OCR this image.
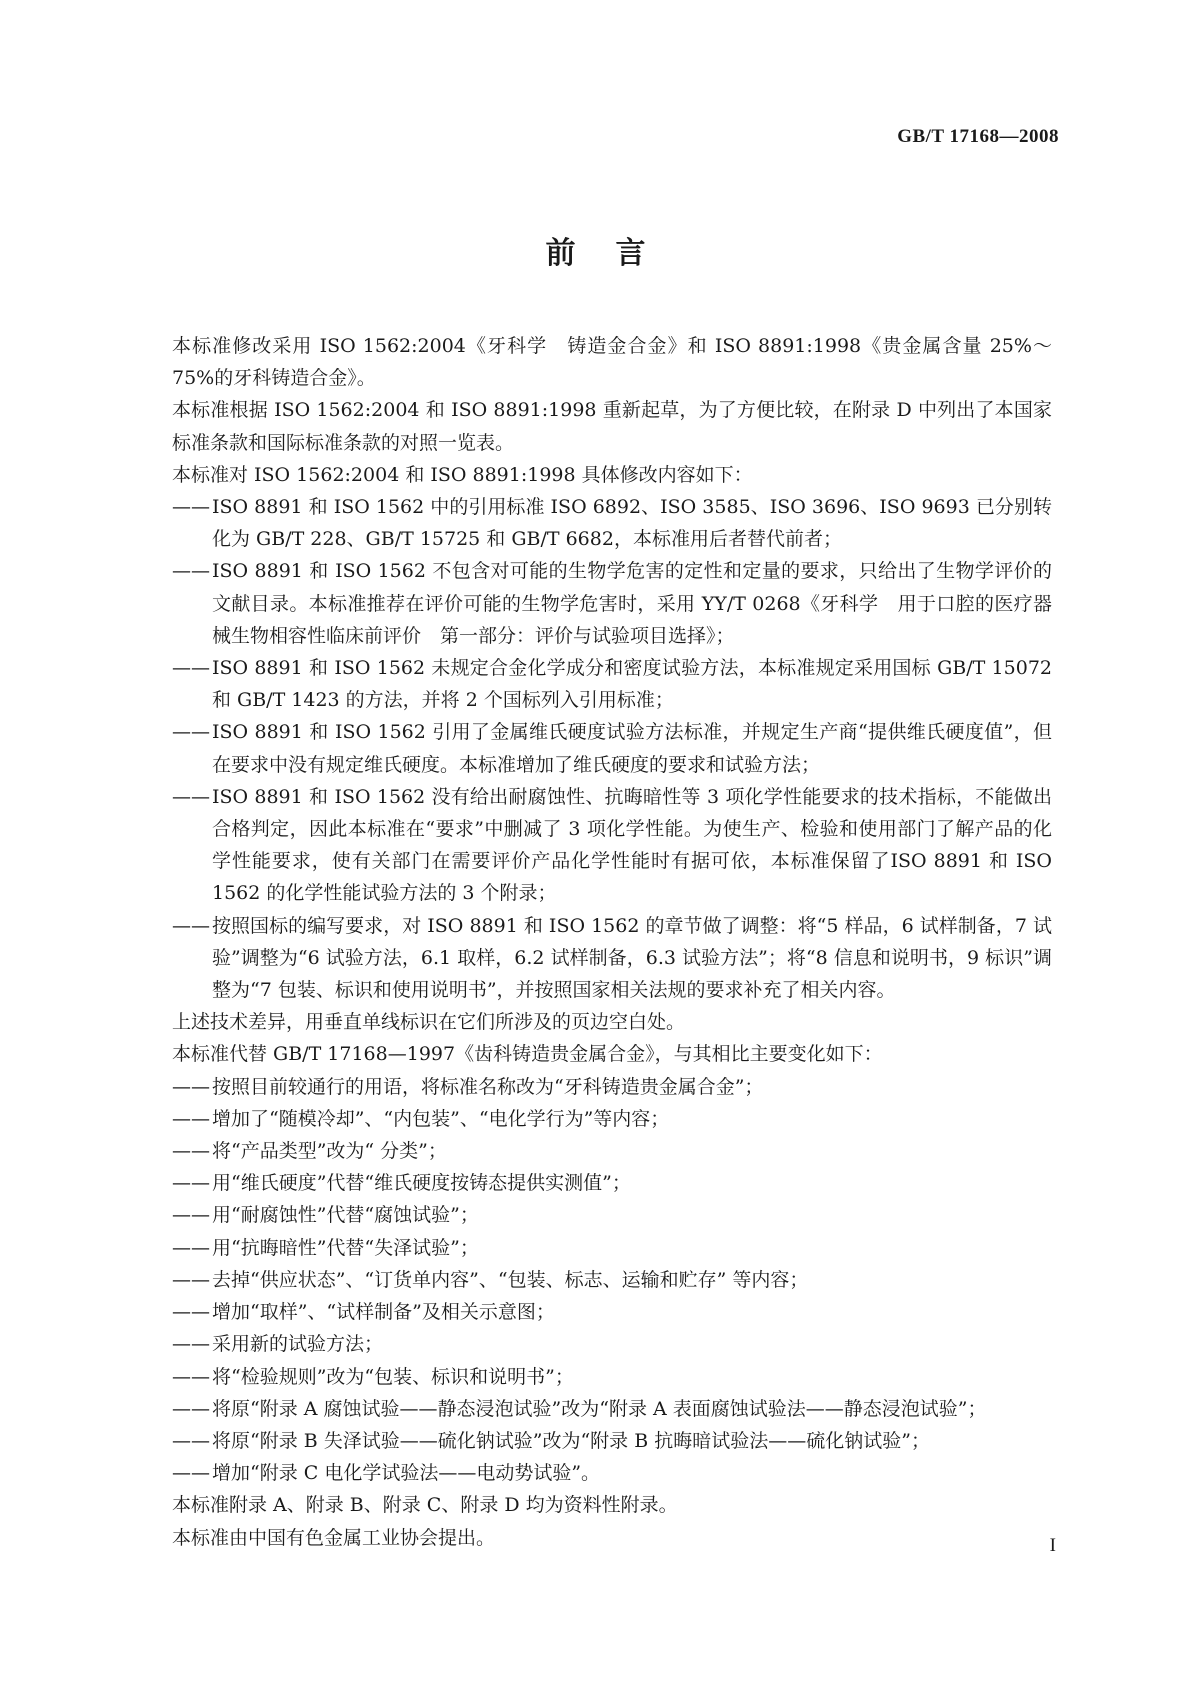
GB/T 17168—2008
前言

本标准修改采用 ISO 1562:2004《牙科学　铸造金合金》和 ISO 8891:1998《贵金属含量 25%～75%的牙科铸造合金》。

本标准根据 ISO 1562:2004 和 ISO 8891:1998 重新起草，为了方便比较，在附录 D 中列出了本国家标准条款和国际标准条款的对照一览表。

本标准对 ISO 1562:2004 和 ISO 8891:1998 具体修改内容如下：

—— ISO 8891 和 ISO 1562 中的引用标准 ISO 6892、ISO 3585、ISO 3696、ISO 9693 已分别转化为 GB/T 228、GB/T 15725 和 GB/T 6682，本标准用后者替代前者；

—— ISO 8891 和 ISO 1562 不包含对可能的生物学危害的定性和定量的要求，只给出了生物学评价的文献目录。本标准推荐在评价可能的生物学危害时，采用 YY/T 0268《牙科学　用于口腔的医疗器械生物相容性临床前评价　第一部分：评价与试验项目选择》；

—— ISO 8891 和 ISO 1562 未规定合金化学成分和密度试验方法，本标准规定采用国标 GB/T 15072和 GB/T 1423 的方法，并将 2 个国标列入引用标准；

—— ISO 8891 和 ISO 1562 引用了金属维氏硬度试验方法标准，并规定生产商“提供维氏硬度值”，但在要求中没有规定维氏硬度。本标准增加了维氏硬度的要求和试验方法；

—— ISO 8891 和 ISO 1562 没有给出耐腐蚀性、抗晦暗性等 3 项化学性能要求的技术指标，不能做出合格判定，因此本标准在“要求”中删减了 3 项化学性能。为使生产、检验和使用部门了解产品的化学性能要求，使有关部门在需要评价产品化学性能时有据可依，本标准保留了ISO 8891 和 ISO 1562 的化学性能试验方法的 3 个附录；

—— 按照国标的编写要求，对 ISO 8891 和 ISO 1562 的章节做了调整：将“5 样品，6 试样制备，7 试验”调整为“6 试验方法，6.1 取样，6.2 试样制备，6.3 试验方法”；将“8 信息和说明书，9 标识”调整为“7 包装、标识和使用说明书”，并按照国家相关法规的要求补充了相关内容。

上述技术差异，用垂直单线标识在它们所涉及的页边空白处。

本标准代替 GB/T 17168—1997《齿科铸造贵金属合金》，与其相比主要变化如下：

—— 按照目前较通行的用语，将标准名称改为“牙科铸造贵金属合金”；

—— 增加了“随模冷却”、“内包装”、“电化学行为”等内容；

—— 将“产品类型”改为“ 分类”；

—— 用“维氏硬度”代替“维氏硬度按铸态提供实测值”；

—— 用“耐腐蚀性”代替“腐蚀试验”；

—— 用“抗晦暗性”代替“失泽试验”；

—— 去掉“供应状态”、“订货单内容”、“包装、标志、运输和贮存” 等内容；

—— 增加“取样”、“试样制备”及相关示意图；

—— 采用新的试验方法；

—— 将“检验规则”改为“包装、标识和说明书”；

—— 将原“附录 A 腐蚀试验——静态浸泡试验”改为“附录 A 表面腐蚀试验法——静态浸泡试验”；

—— 将原“附录 B 失泽试验——硫化钠试验”改为“附录 B 抗晦暗试验法——硫化钠试验”；

—— 增加“附录 C 电化学试验法——电动势试验”。

本标准附录 A、附录 B、附录 C、附录 D 均为资料性附录。

本标准由中国有色金属工业协会提出。	I
